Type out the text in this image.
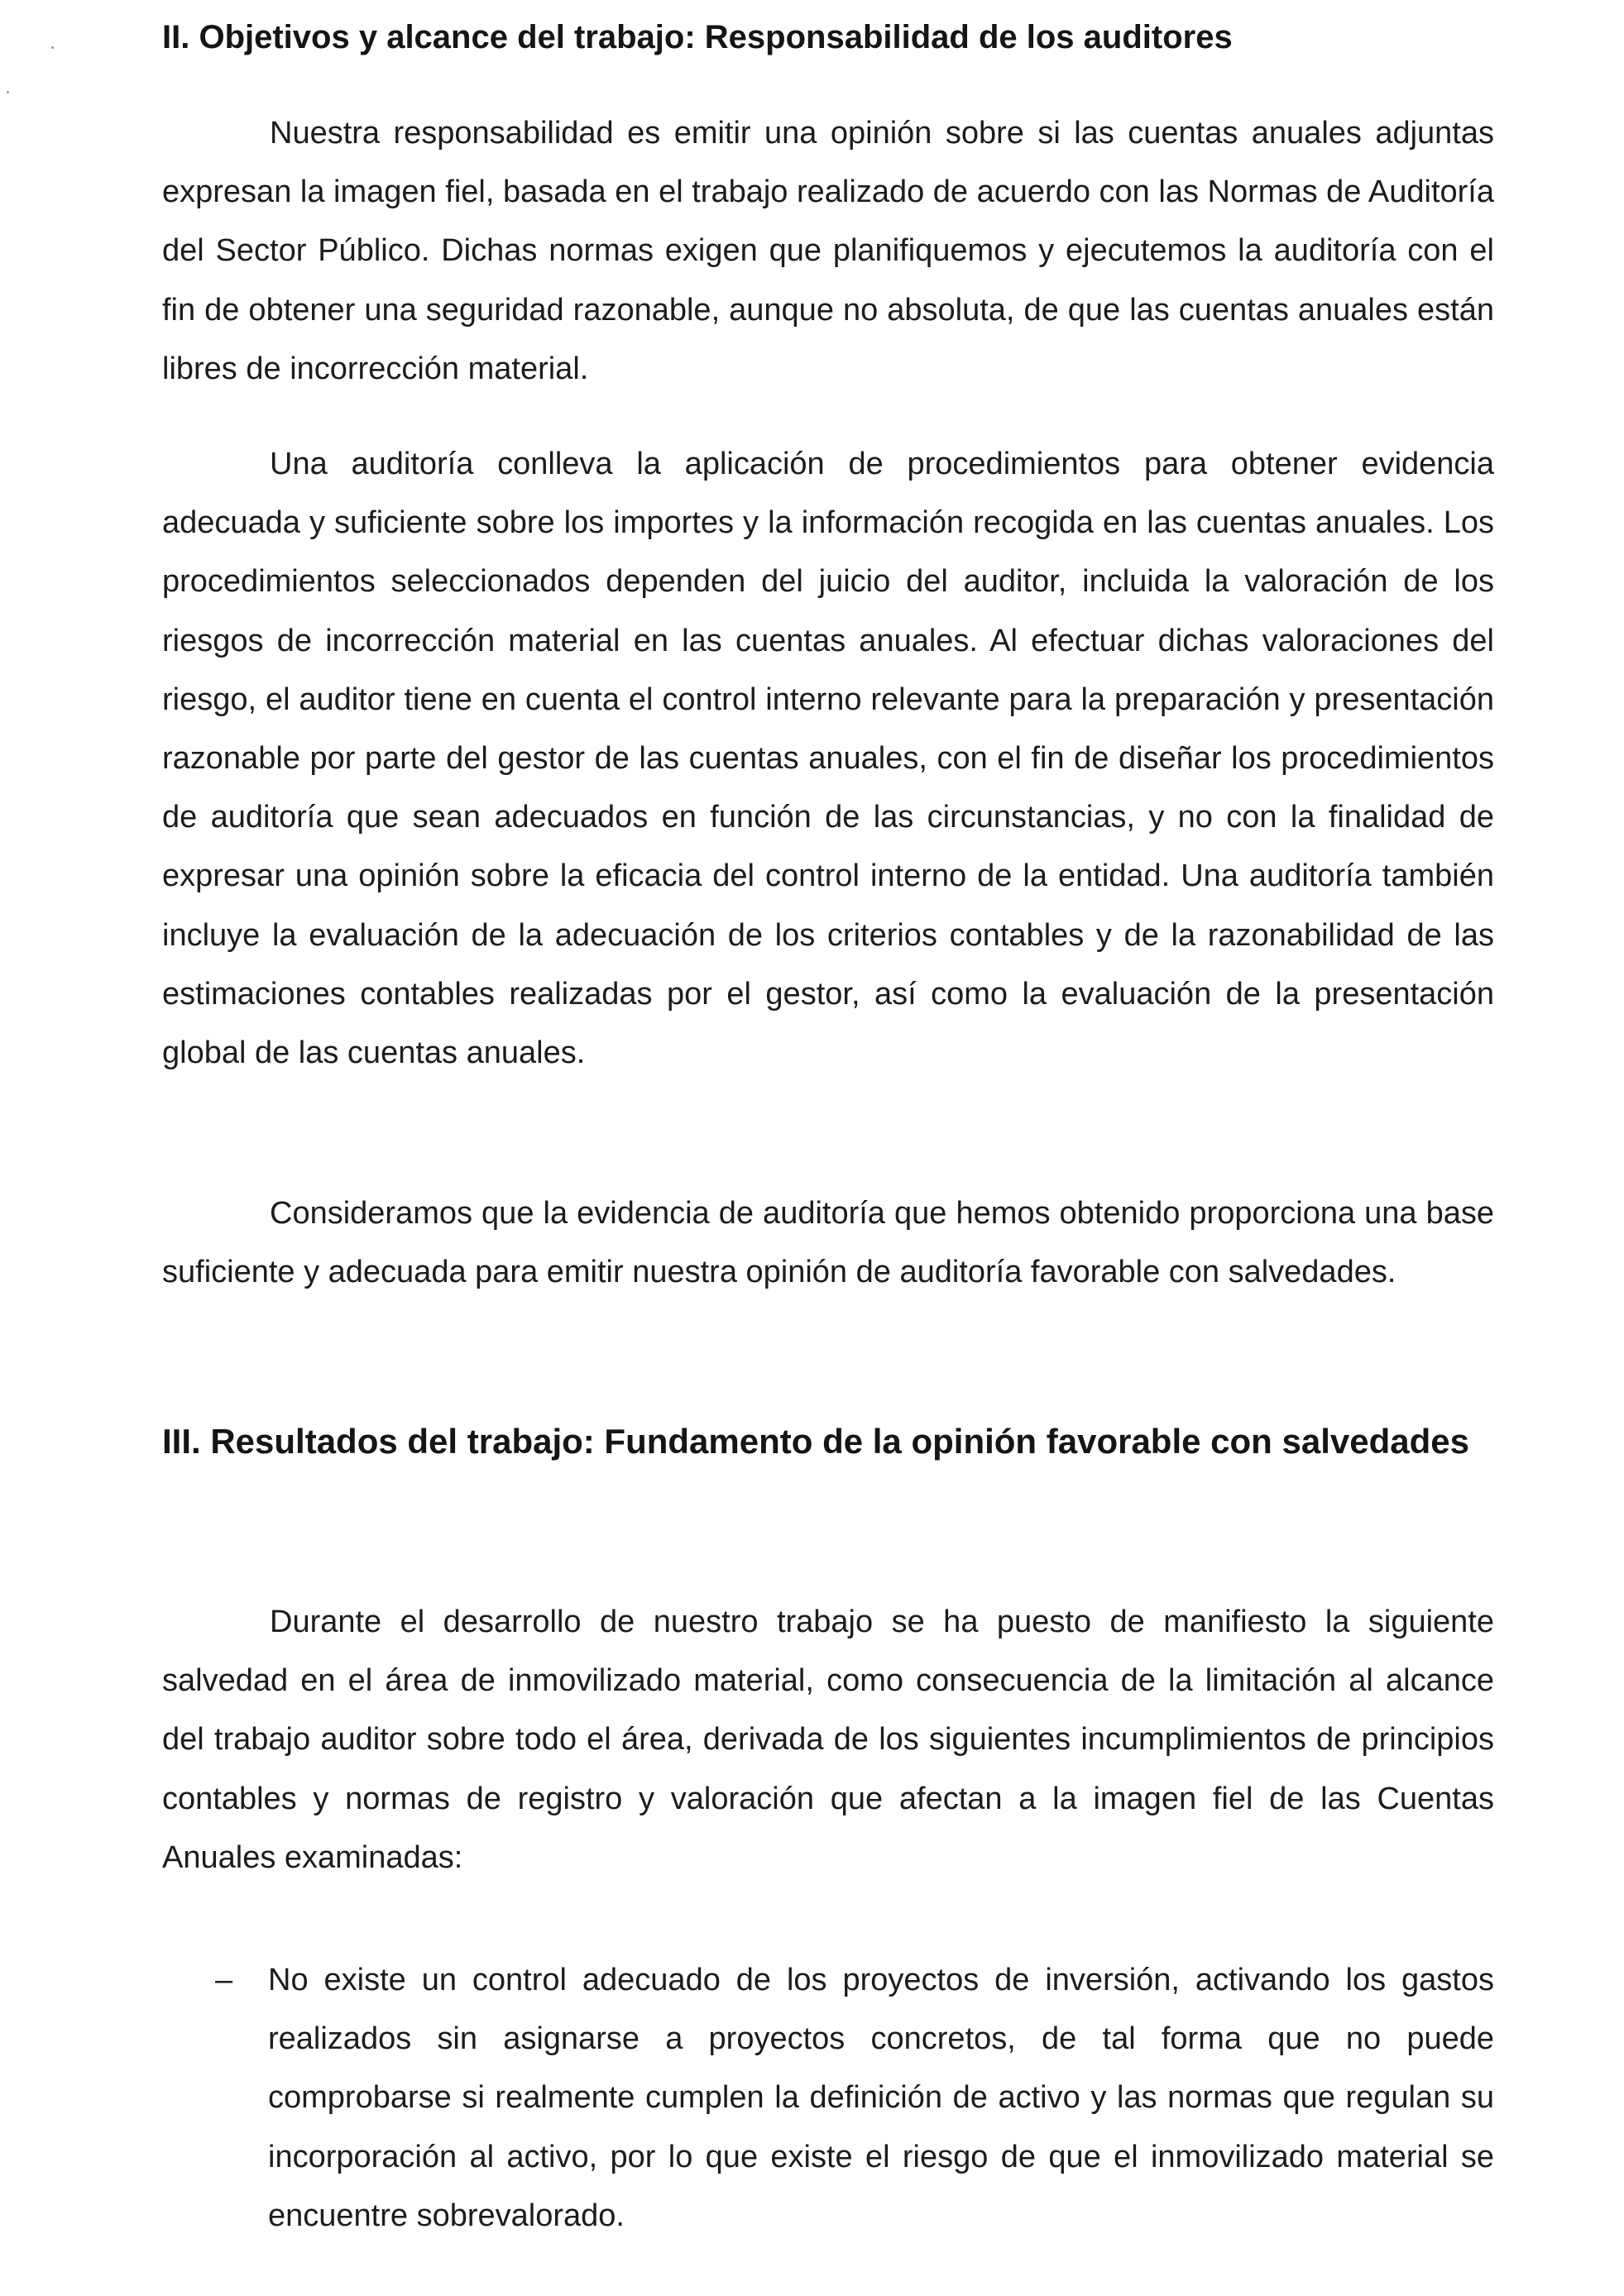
II. Objetivos y alcance del trabajo: Responsabilidad de los auditores

Nuestra responsabilidad es emitir una opinión sobre si las cuentas anuales adjuntas expresan la imagen fiel, basada en el trabajo realizado de acuerdo con las Normas de Auditoría del Sector Público. Dichas normas exigen que planifiquemos y ejecutemos la auditoría con el fin de obtener una seguridad razonable, aunque no absoluta, de que las cuentas anuales están libres de incorrección material.

Una auditoría conlleva la aplicación de procedimientos para obtener evidencia adecuada y suficiente sobre los importes y la información recogida en las cuentas anuales. Los procedimientos seleccionados dependen del juicio del auditor, incluida la valoración de los riesgos de incorrección material en las cuentas anuales. Al efectuar dichas valoraciones del riesgo, el auditor tiene en cuenta el control interno relevante para la preparación y presentación razonable por parte del gestor de las cuentas anuales, con el fin de diseñar los procedimientos de auditoría que sean adecuados en función de las circunstancias, y no con la finalidad de expresar una opinión sobre la eficacia del control interno de la entidad. Una auditoría también incluye la evaluación de la adecuación de los criterios contables y de la razonabilidad de las estimaciones contables realizadas por el gestor, así como la evaluación de la presentación global de las cuentas anuales.

Consideramos que la evidencia de auditoría que hemos obtenido proporciona una base suficiente y adecuada para emitir nuestra opinión de auditoría favorable con salvedades.

III. Resultados del trabajo: Fundamento de la opinión favorable con salvedades

Durante el desarrollo de nuestro trabajo se ha puesto de manifiesto la siguiente salvedad en el área de inmovilizado material, como consecuencia de la limitación al alcance del trabajo auditor sobre todo el área, derivada de los siguientes incumplimientos de principios contables y normas de registro y valoración que afectan a la imagen fiel de las Cuentas Anuales examinadas:

– No existe un control adecuado de los proyectos de inversión, activando los gastos realizados sin asignarse a proyectos concretos, de tal forma que no puede comprobarse si realmente cumplen la definición de activo y las normas que regulan su incorporación al activo, por lo que existe el riesgo de que el inmovilizado material se encuentre sobrevalorado.
